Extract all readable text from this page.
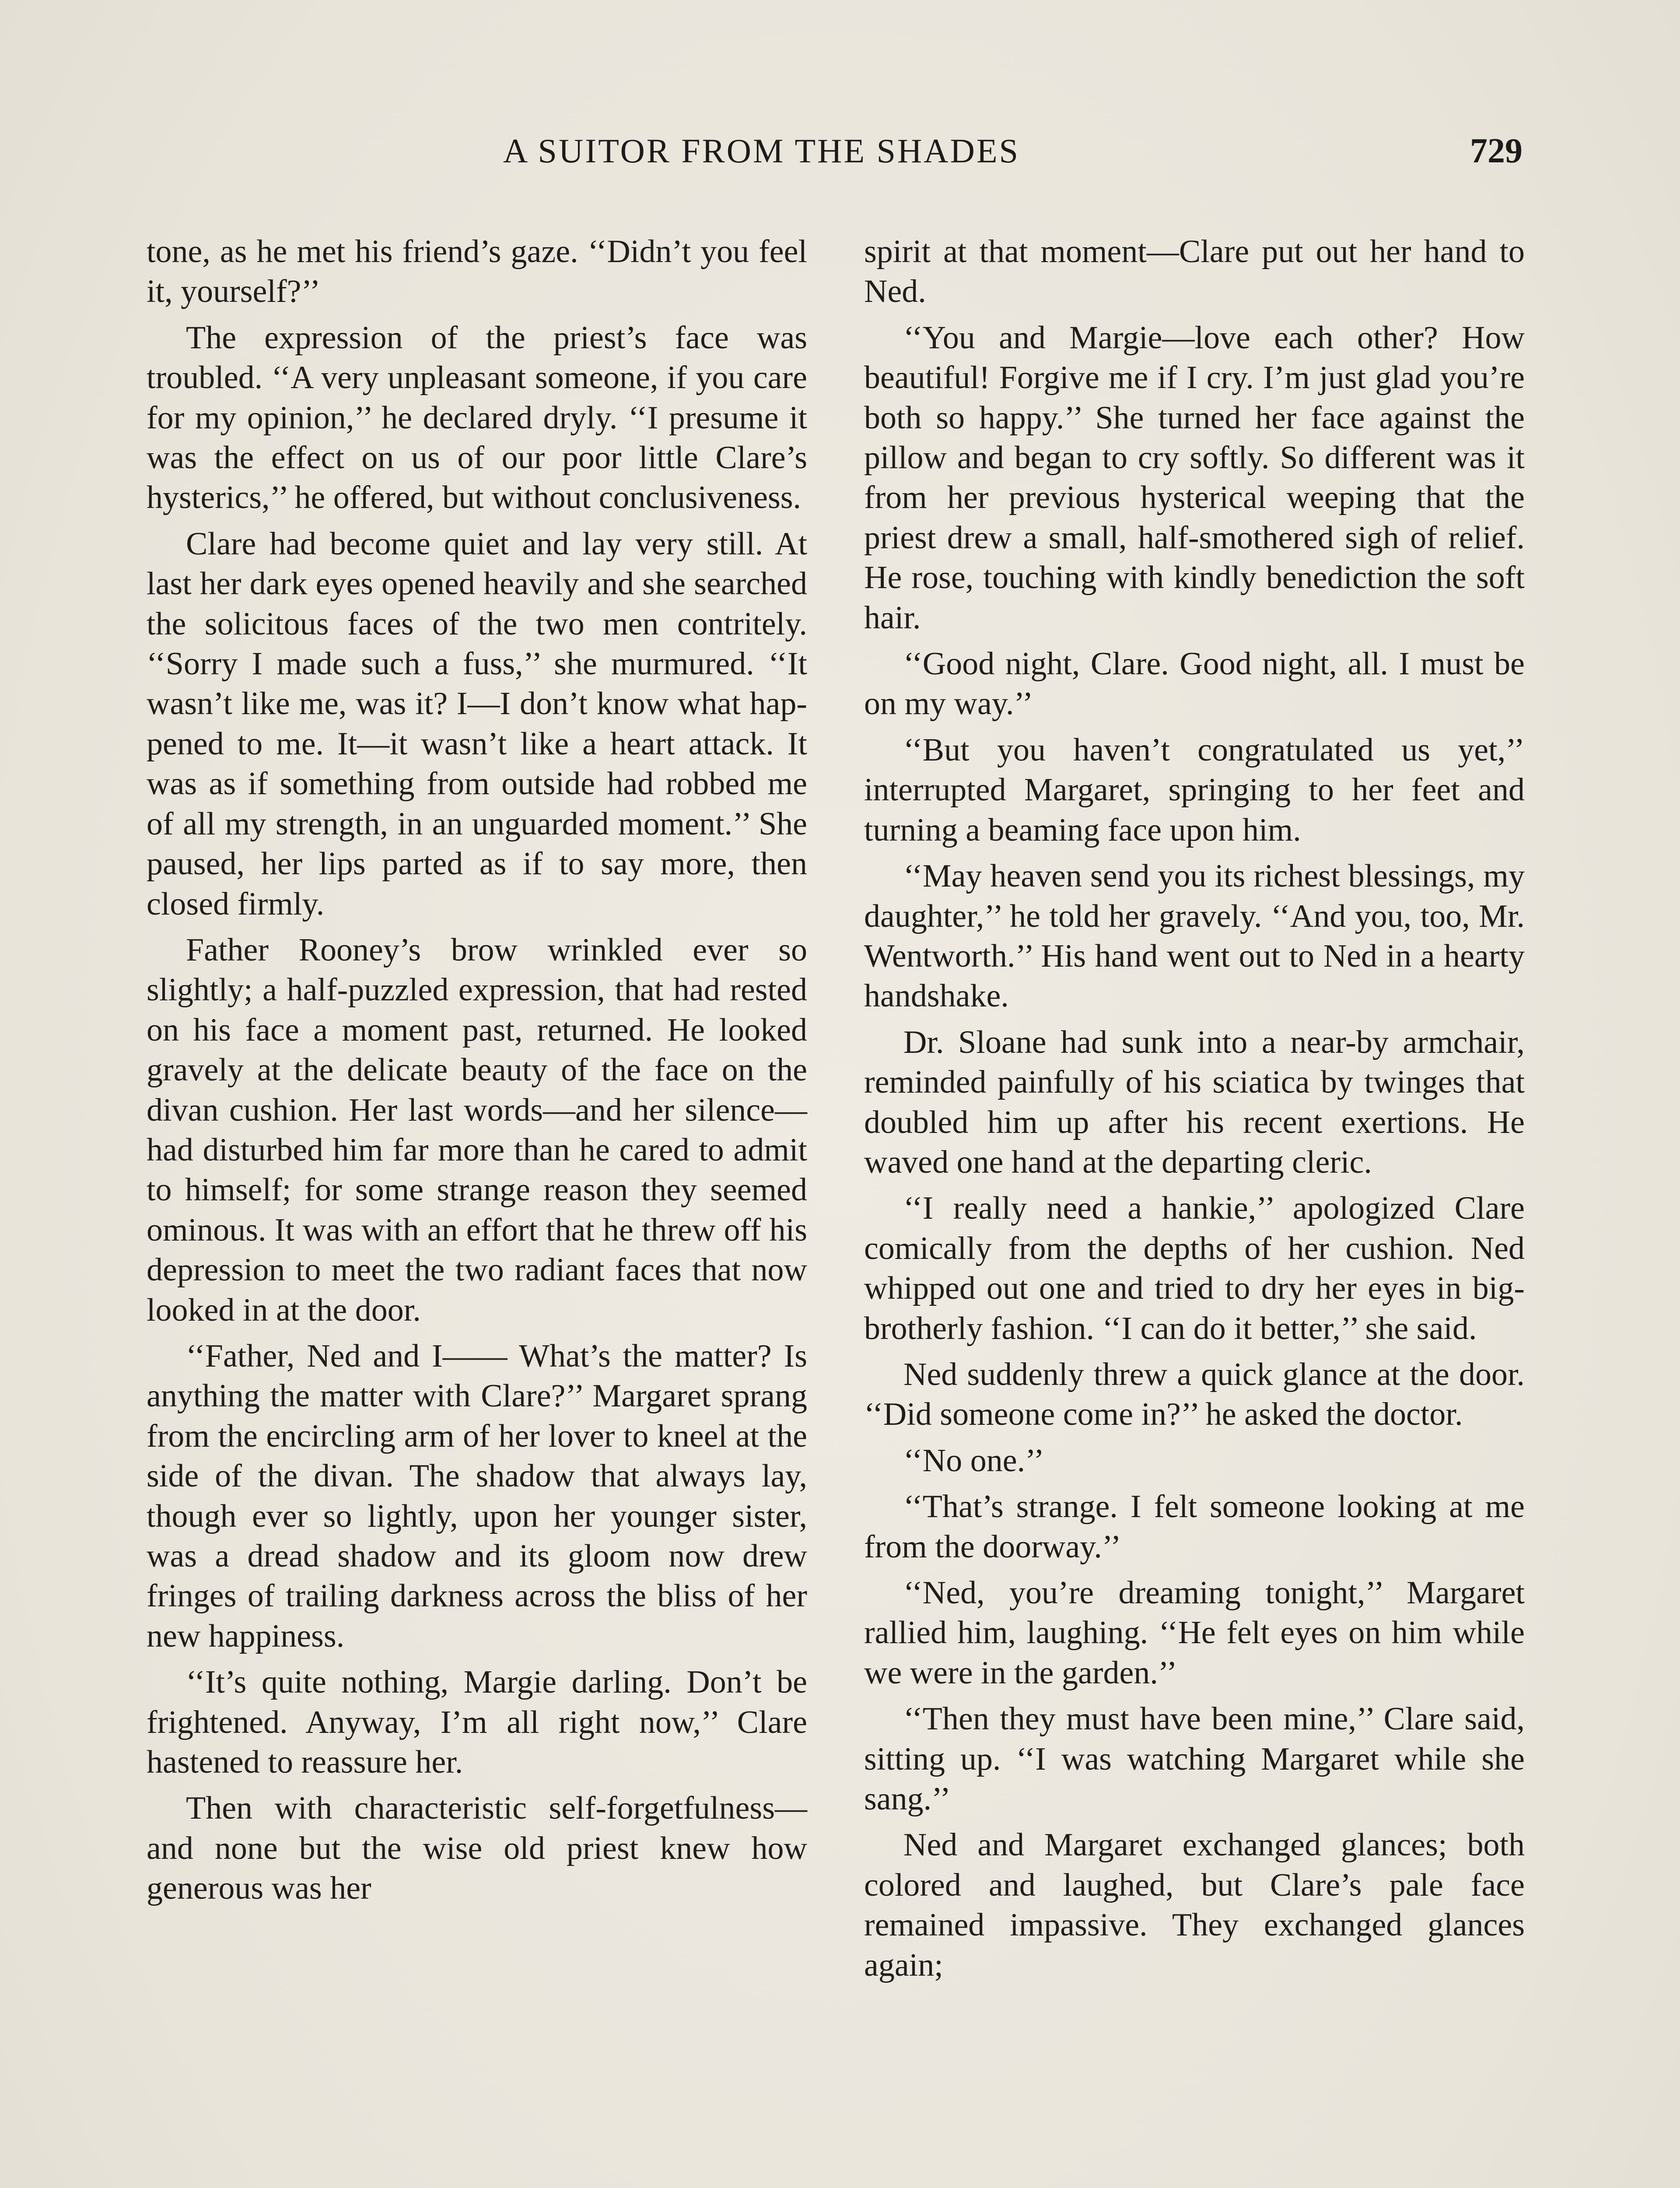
A SUITOR FROM THE SHADES	729

tone, as he met his friend’s gaze. ‘‘Didn’t you feel it, yourself?’’

The expression of the priest’s face was troubled. ‘‘A very unpleasant someone, if you care for my opinion,’’ he declared dryly. ‘‘I presume it was the effect on us of our poor little Clare’s hysterics,’’ he offered, but without conclusiveness.

Clare had become quiet and lay very still. At last her dark eyes opened heavily and she searched the solicitous faces of the two men contritely. ‘‘Sorry I made such a fuss,’’ she murmured. ‘‘It wasn’t like me, was it? I—I don’t know what happened to me. It—it wasn’t like a heart attack. It was as if something from outside had robbed me of all my strength, in an unguarded moment.’’ She paused, her lips parted as if to say more, then closed firmly.

Father Rooney’s brow wrinkled ever so slightly; a half-puzzled expression, that had rested on his face a moment past, returned. He looked gravely at the delicate beauty of the face on the divan cushion. Her last words—and her silence—had disturbed him far more than he cared to admit to himself; for some strange reason they seemed ominous. It was with an effort that he threw off his depression to meet the two radiant faces that now looked in at the door.

‘‘Father, Ned and I—— What’s the matter? Is anything the matter with Clare?’’ Margaret sprang from the encircling arm of her lover to kneel at the side of the divan. The shadow that always lay, though ever so lightly, upon her younger sister, was a dread shadow and its gloom now drew fringes of trailing darkness across the bliss of her new happiness.

‘‘It’s quite nothing, Margie darling. Don’t be frightened. Anyway, I’m all right now,’’ Clare hastened to reassure her.

Then with characteristic self-forgetfulness—and none but the wise old priest knew how generous was her

spirit at that moment—Clare put out her hand to Ned.

‘‘You and Margie—love each other? How beautiful! Forgive me if I cry. I’m just glad you’re both so happy.’’ She turned her face against the pillow and began to cry softly. So different was it from her previous hysterical weeping that the priest drew a small, half-smothered sigh of relief. He rose, touching with kindly benediction the soft hair.

‘‘Good night, Clare. Good night, all. I must be on my way.’’

‘‘But you haven’t congratulated us yet,’’ interrupted Margaret, springing to her feet and turning a beaming face upon him.

‘‘May heaven send you its richest blessings, my daughter,’’ he told her gravely. ‘‘And you, too, Mr. Wentworth.’’ His hand went out to Ned in a hearty handshake.

Dr. Sloane had sunk into a near-by armchair, reminded painfully of his sciatica by twinges that doubled him up after his recent exertions. He waved one hand at the departing cleric.

‘‘I really need a hankie,’’ apologized Clare comically from the depths of her cushion. Ned whipped out one and tried to dry her eyes in big-brotherly fashion. ‘‘I can do it better,’’ she said.

Ned suddenly threw a quick glance at the door. ‘‘Did someone come in?’’ he asked the doctor.

‘‘No one.’’

‘‘That’s strange. I felt someone looking at me from the doorway.’’

‘‘Ned, you’re dreaming tonight,’’ Margaret rallied him, laughing. ‘‘He felt eyes on him while we were in the garden.’’

‘‘Then they must have been mine,’’ Clare said, sitting up. ‘‘I was watching Margaret while she sang.’’

Ned and Margaret exchanged glances; both colored and laughed, but Clare’s pale face remained impassive. They exchanged glances again;
